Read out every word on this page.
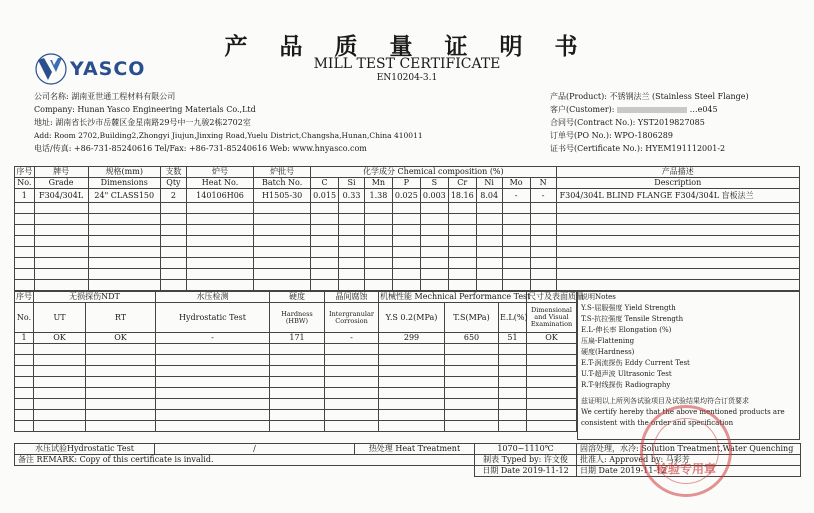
产 品 质 量 证 明 书
MILL TEST CERTIFICATE
EN10204-3.1
YASCO
公司名称: 湖南亚世通工程材料有限公司
Company: Hunan Yasco Engineering Materials Co.,Ltd
地址: 湖南省长沙市岳麓区金星南路29号中一九骏2栋2702室
Add: Room 2702,Building2,Zhongyi Jiujun,Jinxing Road,Yuelu District,Changsha,Hunan,China 410011
电话/传真: +86-731-85240616 Tel/Fax: +86-731-85240616 Web: www.hnyasco.com
产品(Product): 不锈钢法兰 (Stainless Steel Flange)
客户(Customer):	…e045
合同号(Contract No.): YST2019827085
订单号(PO No.): WPO-1806289
证书号(Certificate No.): HYEM191112001-2
序号	牌号	规格(mm)	支数	炉号	炉批号	化学成分 Chemical composition (%)									产品描述
No.	Grade	Dimensions	Qty	Heat No.	Batch No.	C	Si	Mn	P	S	Cr	Ni	Mo	N	Description
1	F304/304L	24" CLASS150	2	140106H06	H1505-30	0.015	0.33	1.38	0.025	0.003	18.16	8.04	-	-	F304/304L BLIND FLANGE F304/304L 盲板法兰

序号	无损探伤NDT		水压检测	硬度	晶间腐蚀	机械性能 Mechnical Performance Test			尺寸及表面质量
No.	UT	RT	Hydrostatic Test	Hardness (HBW)	Intergranular Corrosion	Y.S 0.2(MPa)	T.S(MPa)	E.L(%)	Dimensional and Visual Examination
1	OK	OK	-	171	-	299	650	51	OK

说明Notes
Y.S-屈服强度 Yield Strength
T.S-抗拉强度 Tensile Strength
E.L-伸长率 Elongation (%)
压扁-Flattening
硬度(Hardness)
E.T-涡流探伤 Eddy Current Test
U.T-超声波 Ultrasonic Test
R.T-射线探伤 Radiography
兹证明以上所列各试验项目及试验结果均符合订货要求
We certify hereby that the above mentioned products are
consistent with the order and specification
水压试验Hydrostatic Test	/	热处理 Heat Treatment	1070~1110℃	固溶处理，水冷: Solution Treatment,Water Quenching
备注 REMARK: Copy of this certificate is invalid.			制表 Typed by: 许文俊	批准人: Approved by: 马彩芳
			日期 Date 2019-11-12	日期 Date 2019-11-12
检验专用章
